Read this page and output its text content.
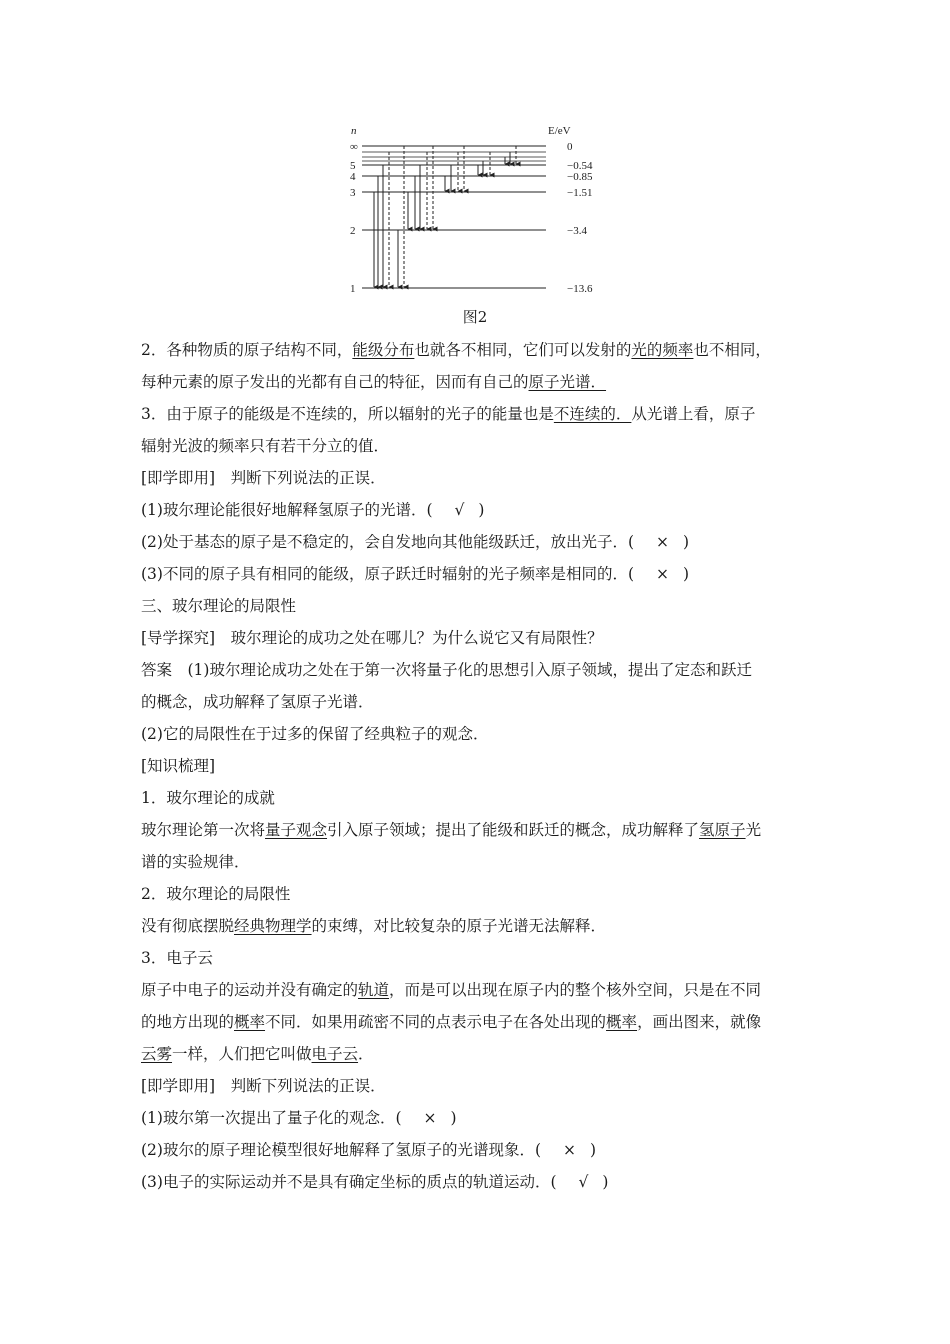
n	E/eV
∞	0
5	−0.54
4	−0.85
3	−1.51
2	−3.4
1	−13.6
图2
2．各种物质的原子结构不同，能级分布也就各不相同，它们可以发射的光的频率也不相同，
每种元素的原子发出的光都有自己的特征，因而有自己的原子光谱．
3．由于原子的能级是不连续的，所以辐射的光子的能量也是不连续的．从光谱上看，原子
辐射光波的频率只有若干分立的值．
[即学即用]　判断下列说法的正误．
(1)玻尔理论能很好地解释氢原子的光谱．( √ )
(2)处于基态的原子是不稳定的，会自发地向其他能级跃迁，放出光子．( × )
(3)不同的原子具有相同的能级，原子跃迁时辐射的光子频率是相同的．( × )
三、玻尔理论的局限性
[导学探究]　玻尔理论的成功之处在哪儿？为什么说它又有局限性？
答案　(1)玻尔理论成功之处在于第一次将量子化的思想引入原子领域，提出了定态和跃迁
的概念，成功解释了氢原子光谱．
(2)它的局限性在于过多的保留了经典粒子的观念．
[知识梳理]
1．玻尔理论的成就
玻尔理论第一次将量子观念引入原子领域；提出了能级和跃迁的概念，成功解释了氢原子光
谱的实验规律．
2．玻尔理论的局限性
没有彻底摆脱经典物理学的束缚，对比较复杂的原子光谱无法解释．
3．电子云
原子中电子的运动并没有确定的轨道，而是可以出现在原子内的整个核外空间，只是在不同
的地方出现的概率不同．如果用疏密不同的点表示电子在各处出现的概率，画出图来，就像
云雾一样，人们把它叫做电子云．
[即学即用]　判断下列说法的正误．
(1)玻尔第一次提出了量子化的观念．( × )
(2)玻尔的原子理论模型很好地解释了氢原子的光谱现象．( × )
(3)电子的实际运动并不是具有确定坐标的质点的轨道运动．( √ )
